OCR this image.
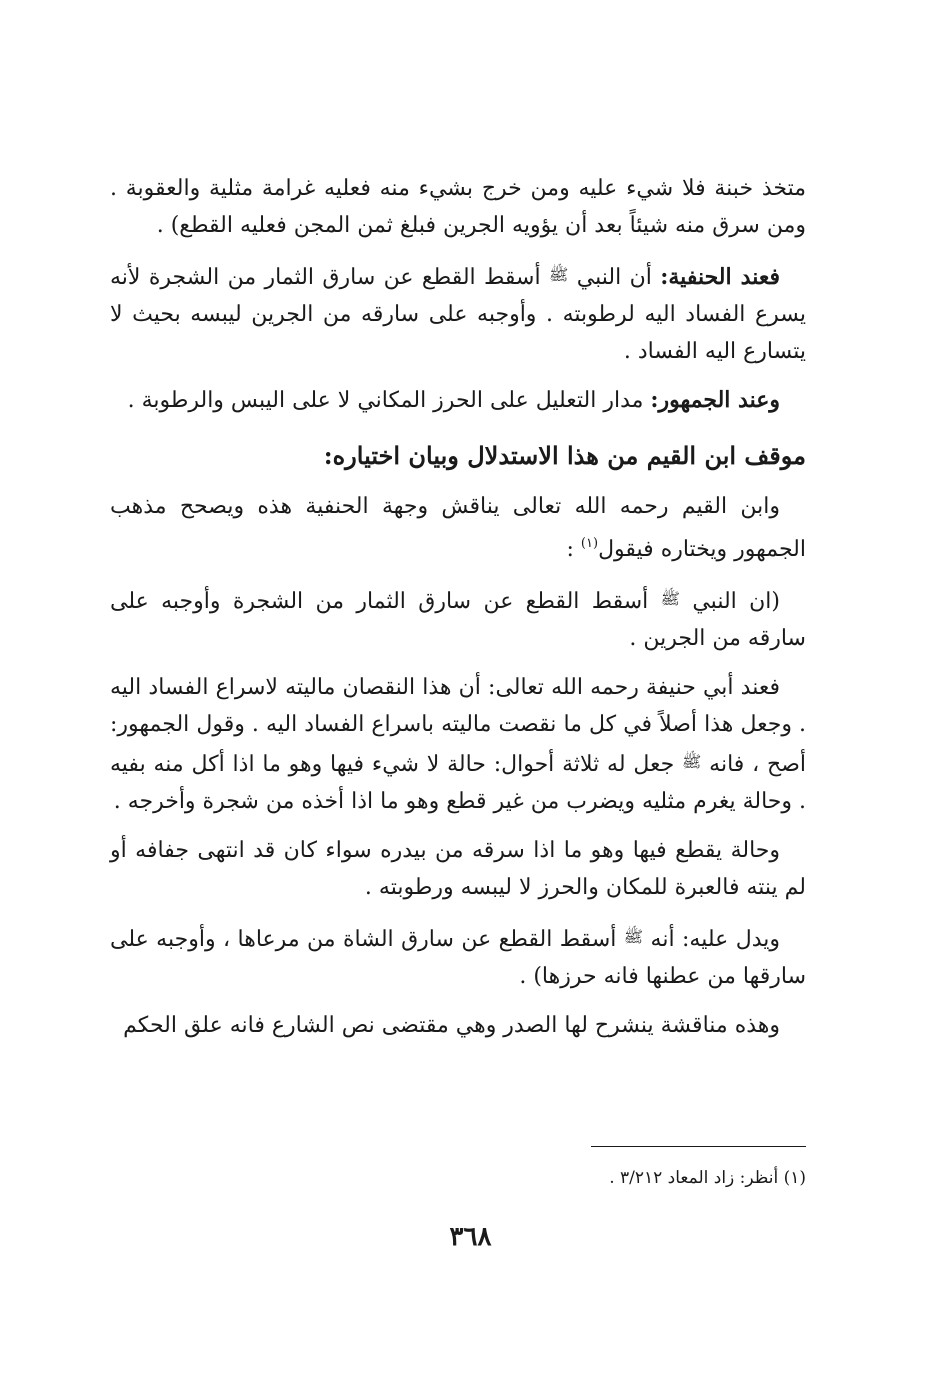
متخذ خبنة فلا شيء عليه ومن خرج بشيء منه فعليه غرامة مثلية والعقوبة . ومن سرق منه شيئاً بعد أن يؤويه الجرين فبلغ ثمن المجن فعليه القطع) .

فعند الحنفية: أن النبي ﷺ أسقط القطع عن سارق الثمار من الشجرة لأنه يسرع الفساد اليه لرطوبته . وأوجبه على سارقه من الجرين ليبسه بحيث لا يتسارع اليه الفساد .

وعند الجمهور: مدار التعليل على الحرز المكاني لا على اليبس والرطوبة .

موقف ابن القيم من هذا الاستدلال وبيان اختياره:

وابن القيم رحمه الله تعالى يناقش وجهة الحنفية هذه ويصحح مذهب الجمهور ويختاره فيقول$^{(١)}$ :

(ان النبي ﷺ أسقط القطع عن سارق الثمار من الشجرة وأوجبه على سارقه من الجرين .

فعند أبي حنيفة رحمه الله تعالى: أن هذا النقصان ماليته لاسراع الفساد اليه . وجعل هذا أصلاً في كل ما نقصت ماليته باسراع الفساد اليه . وقول الجمهور: أصح ، فانه ﷺ جعل له ثلاثة أحوال: حالة لا شيء فيها وهو ما اذا أكل منه بفيه . وحالة يغرم مثليه ويضرب من غير قطع وهو ما اذا أخذه من شجرة وأخرجه .

وحالة يقطع فيها وهو ما اذا سرقه من بيدره سواء كان قد انتهى جفافه أو لم ينته فالعبرة للمكان والحرز لا ليبسه ورطوبته .

ويدل عليه: أنه ﷺ أسقط القطع عن سارق الشاة من مرعاها ، وأوجبه على سارقها من عطنها فانه حرزها) .

وهذه مناقشة ينشرح لها الصدر وهي مقتضى نص الشارع فانه علق الحكم

(١) أنظر: زاد المعاد ٣/٢١٢ .
٣٦٨
